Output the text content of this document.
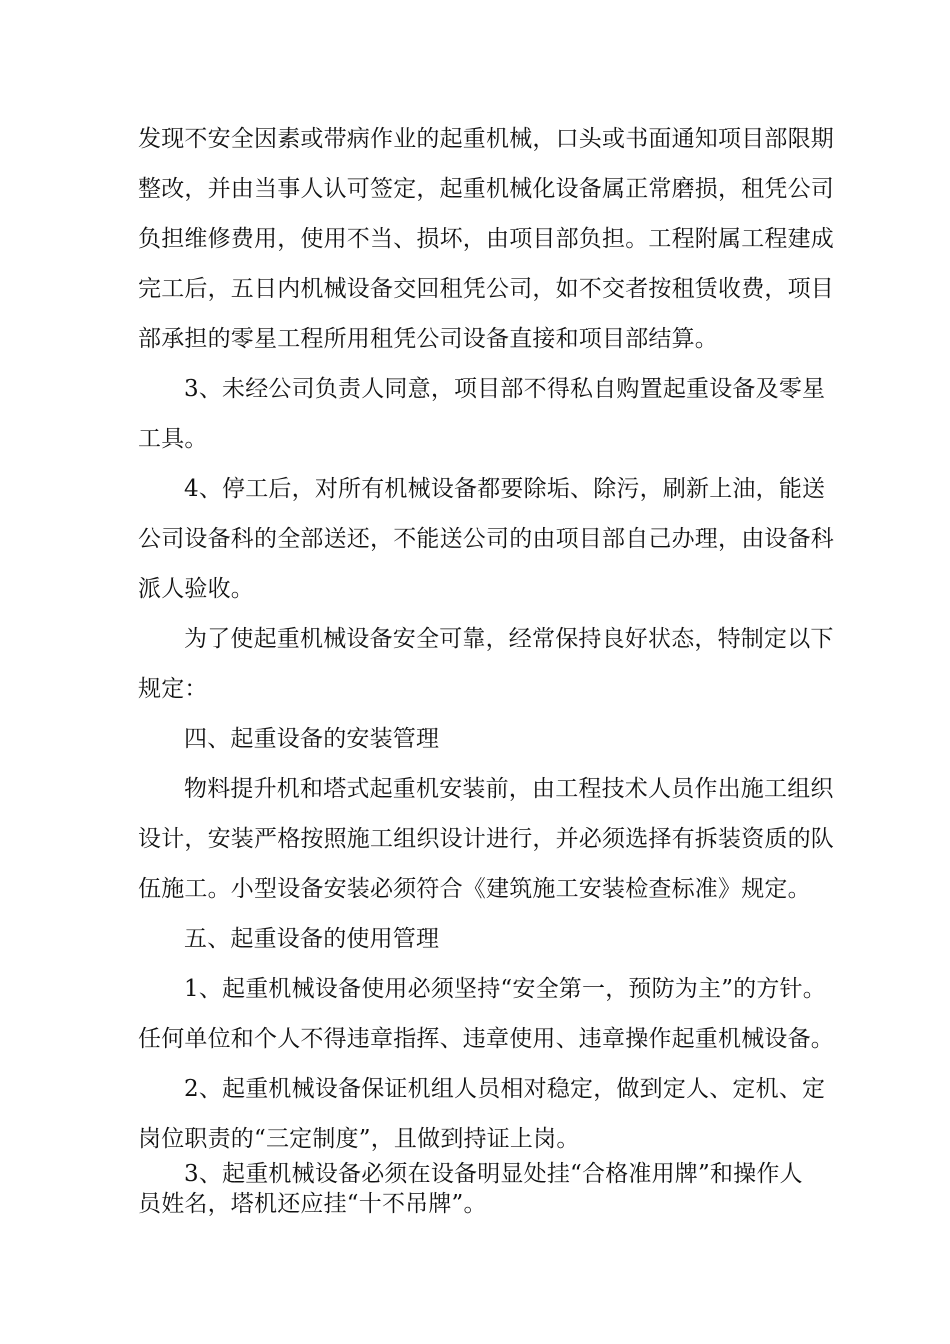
发现不安全因素或带病作业的起重机械，口头或书面通知项目部限期
整改，并由当事人认可签定，起重机械化设备属正常磨损，租凭公司
负担维修费用，使用不当、损坏，由项目部负担。工程附属工程建成
完工后，五日内机械设备交回租凭公司，如不交者按租赁收费，项目
部承担的零星工程所用租凭公司设备直接和项目部结算。
3、未经公司负责人同意，项目部不得私自购置起重设备及零星
工具。
4、停工后，对所有机械设备都要除垢、除污，刷新上油，能送
公司设备科的全部送还，不能送公司的由项目部自己办理，由设备科
派人验收。
为了使起重机械设备安全可靠，经常保持良好状态，特制定以下
规定：
四、起重设备的安装管理
物料提升机和塔式起重机安装前，由工程技术人员作出施工组织
设计，安装严格按照施工组织设计进行，并必须选择有拆装资质的队
伍施工。小型设备安装必须符合《建筑施工安装检查标准》规定。
五、起重设备的使用管理
1、起重机械设备使用必须坚持“安全第一，预防为主”的方针。
任何单位和个人不得违章指挥、违章使用、违章操作起重机械设备。
2、起重机械设备保证机组人员相对稳定，做到定人、定机、定
岗位职责的“三定制度”，且做到持证上岗。
3、起重机械设备必须在设备明显处挂“合格准用牌”和操作人
员姓名，塔机还应挂“十不吊牌”。
